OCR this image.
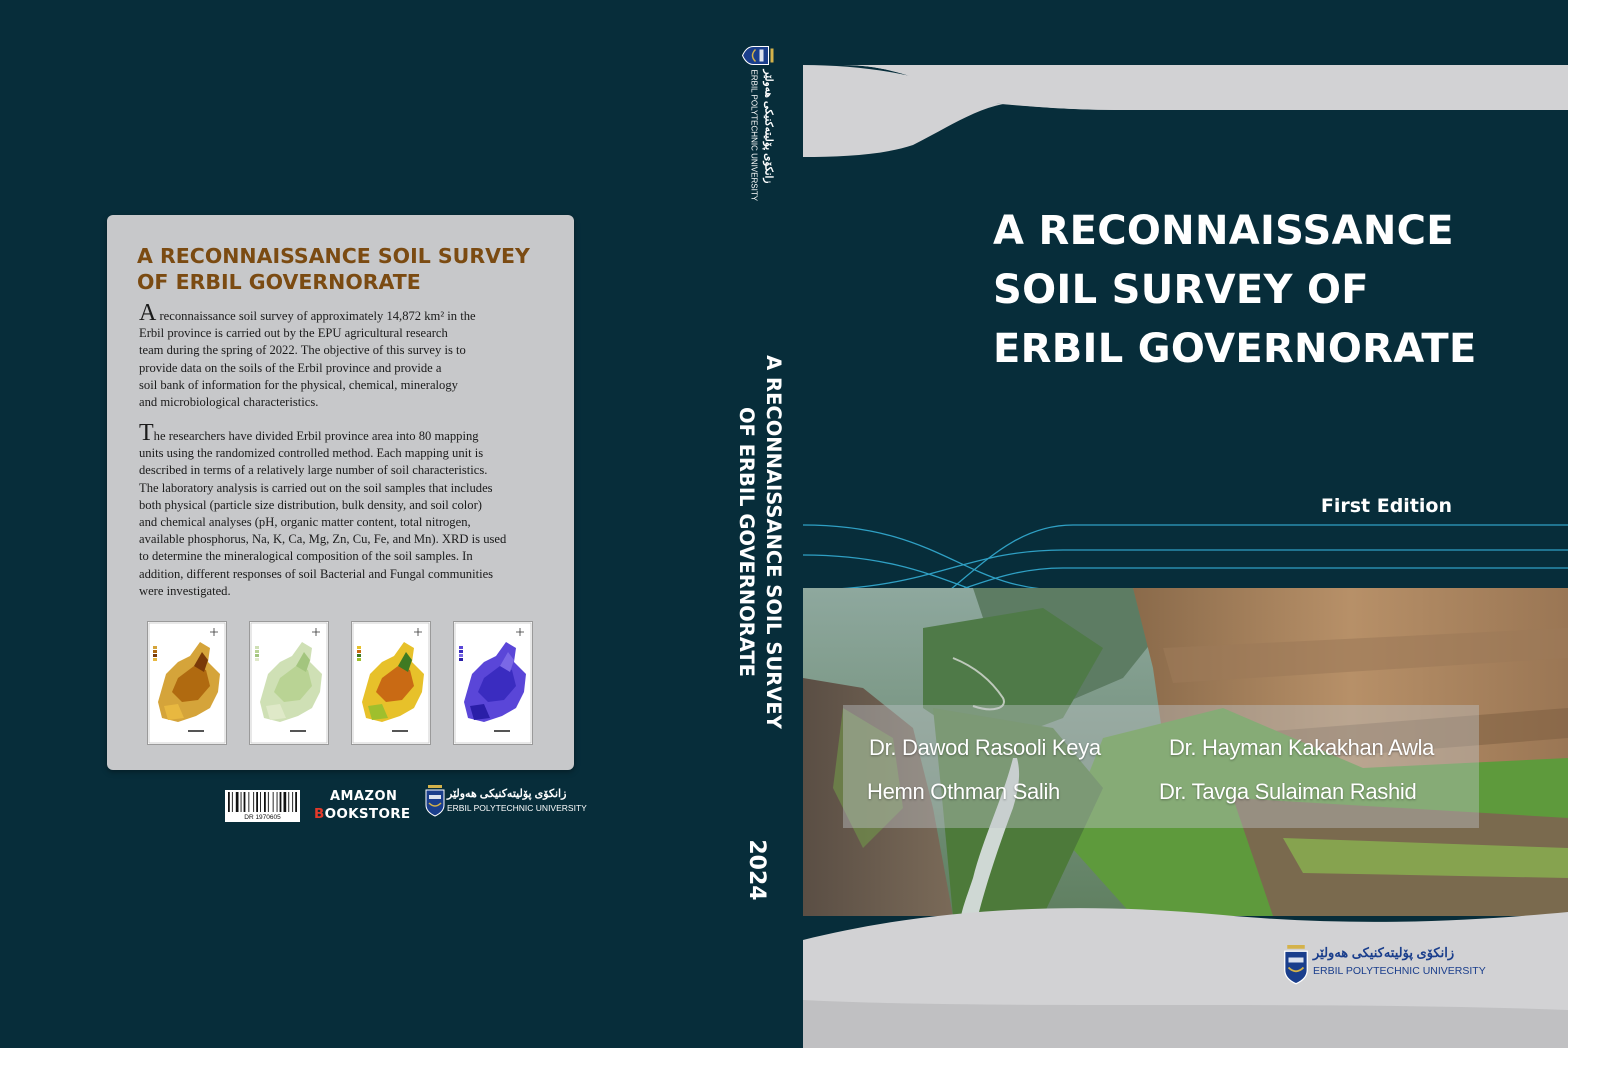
A RECONNAISSANCE SOIL SURVEY
OF ERBIL GOVERNORATE

A reconnaissance soil survey of approximately 14,872 km² in the
Erbil province is carried out by the EPU agricultural research
team during the spring of 2022. The objective of this survey is to
provide data on the soils of the Erbil province and provide a
soil bank of information for the physical, chemical, mineralogy
and microbiological characteristics.

The researchers have divided Erbil province area into 80 mapping
units using the randomized controlled method. Each mapping unit is
described in terms of a relatively large number of soil characteristics.
The laboratory analysis is carried out on the soil samples that includes
both physical (particle size distribution, bulk density, and soil color)
and chemical analyses (pH, organic matter content, total nitrogen,
available phosphorus, Na, K, Ca, Mg, Zn, Cu, Fe, and Mn). XRD is used
to determine the mineralogical composition of the soil samples. In
addition, different responses of soil Bacterial and Fungal communities
were investigated.

DR 1970605
AMAZON
BOOKSTORE
زانکۆی پۆلیتەکنیکی هەولێر
ERBIL POLYTECHNIC UNIVERSITY
زانکۆی پۆلیتەکنیکی هەولێر
ERBIL POLYTECHNIC UNIVERSITY
A RECONNAISSANCE SOIL SURVEY
OF ERBIL GOVERNORATE
2024
A RECONNAISSANCE
SOIL SURVEY OF
ERBIL GOVERNORATE
First Edition
Dr. Dawod Rasooli Keya	Dr. Hayman Kakakhan Awla
Hemn Othman Salih	Dr. Tavga Sulaiman Rashid
زانکۆی پۆلیتەکنیکی هەولێر
ERBIL POLYTECHNIC UNIVERSITY
